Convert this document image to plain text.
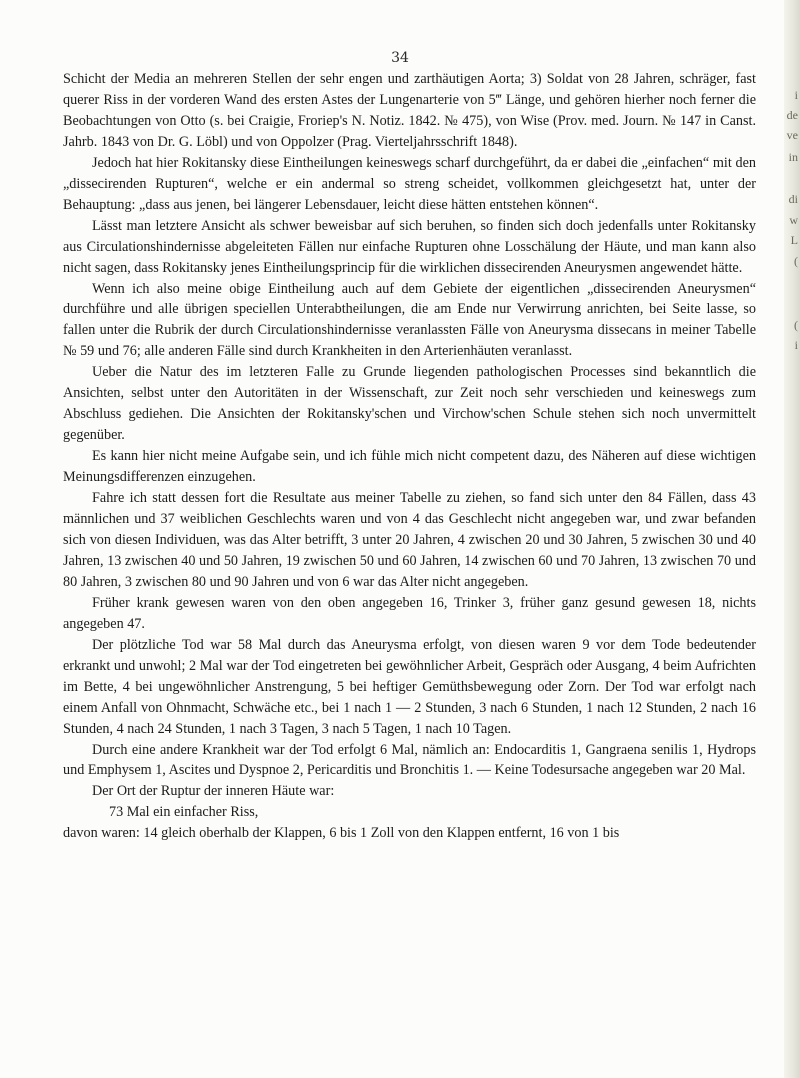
34

Schicht der Media an mehreren Stellen der sehr engen und zarthäutigen Aorta; 3) Soldat von 28 Jahren, schräger, fast querer Riss in der vorderen Wand des ersten Astes der Lungenarterie von 5‴ Länge, und gehören hierher noch ferner die Beobachtungen von Otto (s. bei Craigie, Froriep's N. Notiz. 1842. № 475), von Wise (Prov. med. Journ. № 147 in Canst. Jahrb. 1843 von Dr. G. Löbl) und von Oppolzer (Prag. Vierteljahrsschrift 1848).

Jedoch hat hier Rokitansky diese Eintheilungen keineswegs scharf durchgeführt, da er dabei die „einfachen“ mit den „dissecirenden Rupturen“, welche er ein andermal so streng scheidet, vollkommen gleichgesetzt hat, unter der Behauptung: „dass aus jenen, bei längerer Lebensdauer, leicht diese hätten entstehen können“.

Lässt man letztere Ansicht als schwer beweisbar auf sich beruhen, so finden sich doch jedenfalls unter Rokitansky aus Circulationshindernisse abgeleiteten Fällen nur einfache Rupturen ohne Losschälung der Häute, und man kann also nicht sagen, dass Rokitansky jenes Eintheilungsprincip für die wirklichen dissecirenden Aneurysmen angewendet hätte.

Wenn ich also meine obige Eintheilung auch auf dem Gebiete der eigentlichen „dissecirenden Aneurysmen“ durchführe und alle übrigen speciellen Unterabtheilungen, die am Ende nur Verwirrung anrichten, bei Seite lasse, so fallen unter die Rubrik der durch Circulationshindernisse veranlassten Fälle von Aneurysma dissecans in meiner Tabelle № 59 und 76; alle anderen Fälle sind durch Krankheiten in den Arterienhäuten veranlasst.

Ueber die Natur des im letzteren Falle zu Grunde liegenden pathologischen Processes sind bekanntlich die Ansichten, selbst unter den Autoritäten in der Wissenschaft, zur Zeit noch sehr verschieden und keineswegs zum Abschluss gediehen. Die Ansichten der Rokitansky'schen und Virchow'schen Schule stehen sich noch unvermittelt gegenüber.

Es kann hier nicht meine Aufgabe sein, und ich fühle mich nicht competent dazu, des Näheren auf diese wichtigen Meinungsdifferenzen einzugehen.

Fahre ich statt dessen fort die Resultate aus meiner Tabelle zu ziehen, so fand sich unter den 84 Fällen, dass 43 männlichen und 37 weiblichen Geschlechts waren und von 4 das Geschlecht nicht angegeben war, und zwar befanden sich von diesen Individuen, was das Alter betrifft, 3 unter 20 Jahren, 4 zwischen 20 und 30 Jahren, 5 zwischen 30 und 40 Jahren, 13 zwischen 40 und 50 Jahren, 19 zwischen 50 und 60 Jahren, 14 zwischen 60 und 70 Jahren, 13 zwischen 70 und 80 Jahren, 3 zwischen 80 und 90 Jahren und von 6 war das Alter nicht angegeben.

Früher krank gewesen waren von den oben angegeben 16, Trinker 3, früher ganz gesund gewesen 18, nichts angegeben 47.

Der plötzliche Tod war 58 Mal durch das Aneurysma erfolgt, von diesen waren 9 vor dem Tode bedeutender erkrankt und unwohl; 2 Mal war der Tod eingetreten bei gewöhnlicher Arbeit, Gespräch oder Ausgang, 4 beim Aufrichten im Bette, 4 bei ungewöhnlicher Anstrengung, 5 bei heftiger Gemüthsbewegung oder Zorn. Der Tod war erfolgt nach einem Anfall von Ohnmacht, Schwäche etc., bei 1 nach 1 — 2 Stunden, 3 nach 6 Stunden, 1 nach 12 Stunden, 2 nach 16 Stunden, 4 nach 24 Stunden, 1 nach 3 Tagen, 3 nach 5 Tagen, 1 nach 10 Tagen.

Durch eine andere Krankheit war der Tod erfolgt 6 Mal, nämlich an: Endocarditis 1, Gangraena senilis 1, Hydrops und Emphysem 1, Ascites und Dyspnoe 2, Pericarditis und Bronchitis 1. — Keine Todesursache angegeben war 20 Mal.

Der Ort der Ruptur der inneren Häute war:

73 Mal ein einfacher Riss,

davon waren: 14 gleich oberhalb der Klappen, 6 bis 1 Zoll von den Klappen entfernt, 16 von 1 bis

i
de
ve
in
di
w
L
(
(
i
